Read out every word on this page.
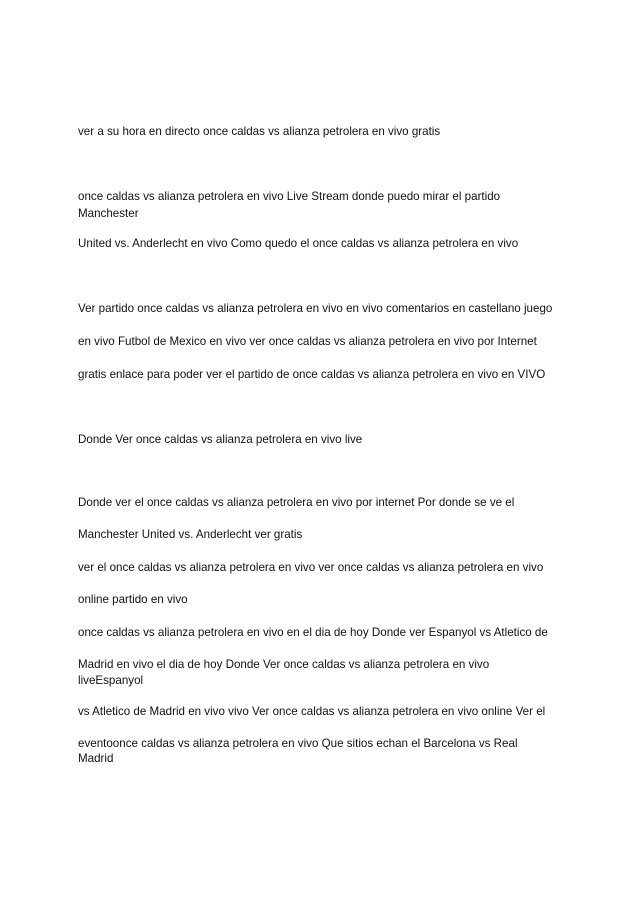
ver a su hora en directo once caldas vs alianza petrolera en vivo gratis

once caldas vs alianza petrolera en vivo Live Stream donde puedo mirar el partido

Manchester

United vs. Anderlecht en vivo Como quedo el once caldas vs alianza petrolera en vivo

Ver partido once caldas vs alianza petrolera en vivo en vivo comentarios en castellano juego

en vivo Futbol de Mexico en vivo ver once caldas vs alianza petrolera en vivo por Internet

gratis enlace para poder ver el partido de once caldas vs alianza petrolera en vivo en VIVO

Donde Ver once caldas vs alianza petrolera en vivo live

Donde ver el once caldas vs alianza petrolera en vivo por internet Por donde se ve el

Manchester United vs. Anderlecht ver gratis

ver el once caldas vs alianza petrolera en vivo ver once caldas vs alianza petrolera en vivo

online partido en vivo

once caldas vs alianza petrolera en vivo en el dia de hoy Donde ver Espanyol vs Atletico de

Madrid en vivo el dia de hoy Donde Ver once caldas vs alianza petrolera en vivo

liveEspanyol

vs Atletico de Madrid en vivo vivo Ver once caldas vs alianza petrolera en vivo online Ver el

eventoonce caldas vs alianza petrolera en vivo Que sitios echan el Barcelona vs Real

Madrid
